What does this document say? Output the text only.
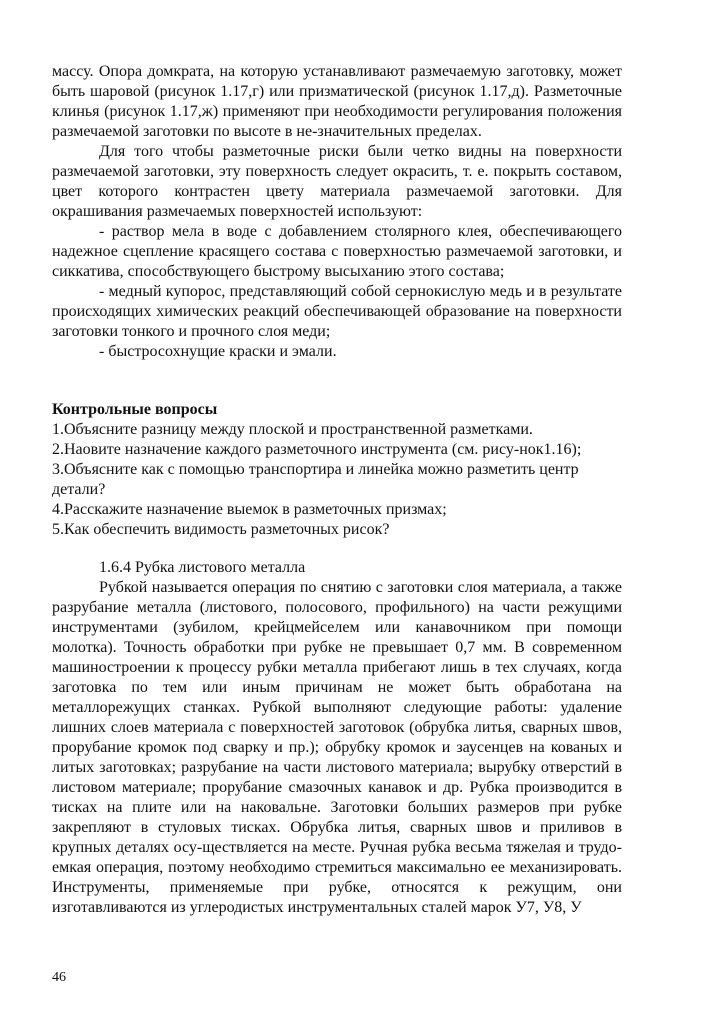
массу. Опора домкрата, на которую устанавливают размечаемую заготовку, может быть шаровой (рисунок 1.17,г) или призматической (рисунок 1.17,д). Разметочные клинья (рисунок 1.17,ж) применяют при необходимости регулирования положения размечаемой заготовки по высоте в не-значительных пределах.

Для того чтобы разметочные риски были четко видны на поверхности размечаемой заготовки, эту поверхность следует окрасить, т. е. покрыть составом, цвет которого контрастен цвету материала размечаемой заготовки. Для окрашивания размечаемых поверхностей используют:

- раствор мела в воде с добавлением столярного клея, обеспечивающего надежное сцепление красящего состава с поверхностью размечаемой заготовки, и сиккатива, способствующего быстрому высыханию этого состава;

- медный купорос, представляющий собой сернокислую медь и в результате происходящих химических реакций обеспечивающей образование на поверхности заготовки тонкого и прочного слоя меди;

- быстросохнущие краски и эмали.

Контрольные вопросы

1.Объясните разницу между плоской и пространственной разметками.

2.Наовите назначение каждого разметочного инструмента (см. рису-нок1.16);

3.Объясните как с помощью транспортира и линейка можно разметить центр детали?

4.Расскажите назначение выемок в разметочных призмах;

5.Как обеспечить видимость разметочных рисок?

1.6.4 Рубка листового металла

Рубкой называется операция по снятию с заготовки слоя материала, а также разрубание металла (листового, полосового, профильного) на части режущими инструментами (зубилом, крейцмейселем или канавочником при помощи молотка). Точность обработки при рубке не превышает 0,7 мм. В современном машиностроении к процессу рубки металла прибегают лишь в тех случаях, когда заготовка по тем или иным причинам не может быть обработана на металлорежущих станках. Рубкой выполняют следующие работы: удаление лишних слоев материала с поверхностей заготовок (обрубка литья, сварных швов, прорубание кромок под сварку и пр.); обрубку кромок и заусенцев на кованых и литых заготовках; разрубание на части листового материала; вырубку отверстий в листовом материале; прорубание смазочных канавок и др. Рубка производится в тисках на плите или на наковальне. Заготовки больших размеров при рубке закрепляют в стуловых тисках. Обрубка литья, сварных швов и приливов в крупных деталях осу-ществляется на месте. Ручная рубка весьма тяжелая и трудо-емкая операция, поэтому необходимо стремиться максимально ее механизировать. Инструменты, применяемые при рубке, относятся к режущим, они изготавливаются из углеродистых инструментальных сталей марок У7, У8, У

46
